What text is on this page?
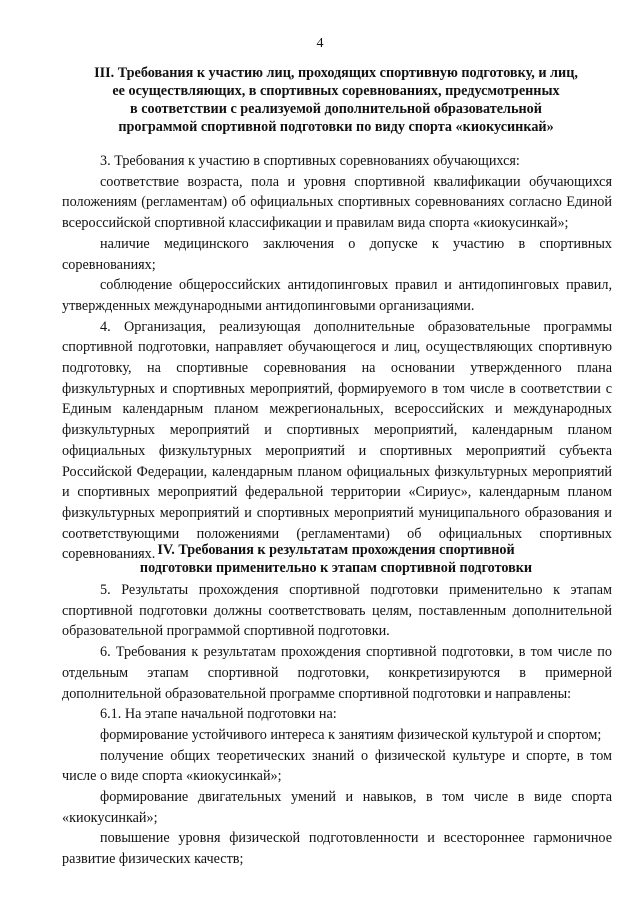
4
III. Требования к участию лиц, проходящих спортивную подготовку, и лиц,
ее осуществляющих, в спортивных соревнованиях, предусмотренных
в соответствии с реализуемой дополнительной образовательной
программой спортивной подготовки по виду спорта «киокусинкай»

3. Требования к участию в спортивных соревнованиях обучающихся:

соответствие возраста, пола и уровня спортивной квалификации обучающихся положениям (регламентам) об официальных спортивных соревнованиях согласно Единой всероссийской спортивной классификации и правилам вида спорта «киокусинкай»;

наличие медицинского заключения о допуске к участию в спортивных соревнованиях;

соблюдение общероссийских антидопинговых правил и антидопинговых правил, утвержденных международными антидопинговыми организациями.

4. Организация, реализующая дополнительные образовательные программы спортивной подготовки, направляет обучающегося и лиц, осуществляющих спортивную подготовку, на спортивные соревнования на основании утвержденного плана физкультурных и спортивных мероприятий, формируемого в том числе в соответствии с Единым календарным планом межрегиональных, всероссийских и международных физкультурных мероприятий и спортивных мероприятий, календарным планом официальных физкультурных мероприятий и спортивных мероприятий субъекта Российской Федерации, календарным планом официальных физкультурных мероприятий и спортивных мероприятий федеральной территории «Сириус», календарным планом физкультурных мероприятий и спортивных мероприятий муниципального образования и соответствующими положениями (регламентами) об официальных спортивных соревнованиях. IV. Требования к результатам прохождения спортивной
подготовки применительно к этапам спортивной подготовки

5. Результаты прохождения спортивной подготовки применительно к этапам спортивной подготовки должны соответствовать целям, поставленным дополнительной образовательной программой спортивной подготовки.

6. Требования к результатам прохождения спортивной подготовки, в том числе по отдельным этапам спортивной подготовки, конкретизируются в примерной дополнительной образовательной программе спортивной подготовки и направлены:

6.1. На этапе начальной подготовки на:

формирование устойчивого интереса к занятиям физической культурой и спортом;

получение общих теоретических знаний о физической культуре и спорте, в том числе о виде спорта «киокусинкай»;

формирование двигательных умений и навыков, в том числе в виде спорта «киокусинкай»;

повышение уровня физической подготовленности и всестороннее гармоничное развитие физических качеств;
